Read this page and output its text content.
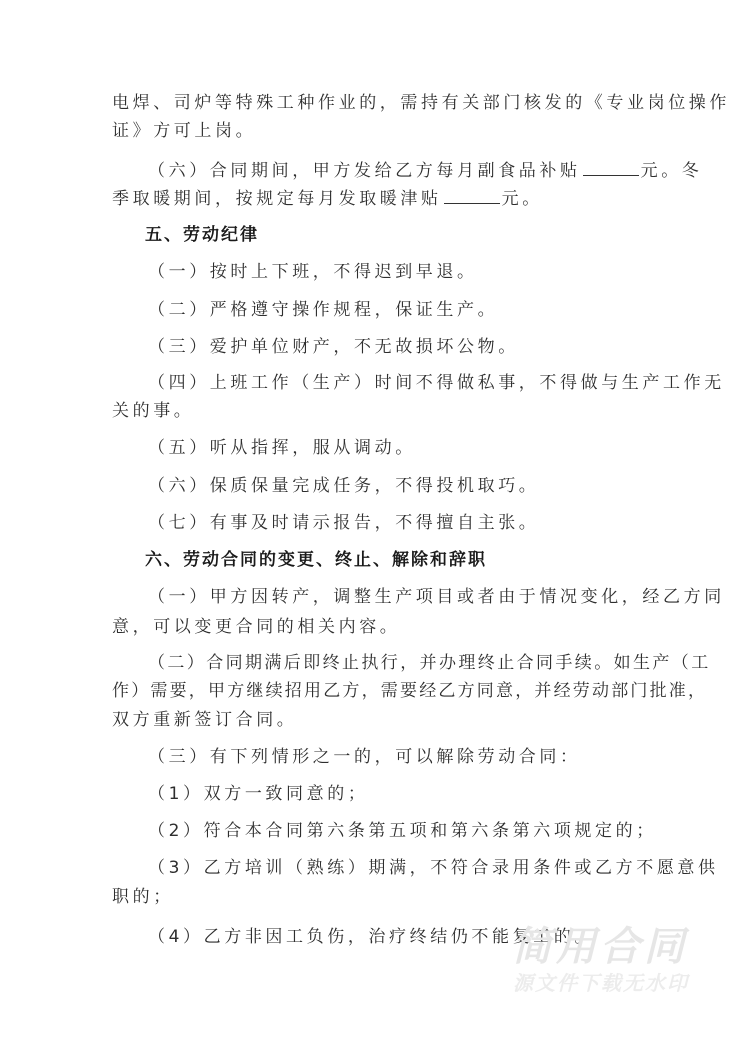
电焊、司炉等特殊工种作业的，需持有关部门核发的《专业岗位操作
证》方可上岗。
（六）合同期间，甲方发给乙方每月副食品补贴	元。冬
季取暖期间，按规定每月发取暖津贴	元。
五、劳动纪律
（一）按时上下班，不得迟到早退。
（二）严格遵守操作规程，保证生产。
（三）爱护单位财产，不无故损坏公物。
（四）上班工作（生产）时间不得做私事，不得做与生产工作无
关的事。
（五）听从指挥，服从调动。
（六）保质保量完成任务，不得投机取巧。
（七）有事及时请示报告，不得擅自主张。
六、劳动合同的变更、终止、解除和辞职
（一）甲方因转产，调整生产项目或者由于情况变化，经乙方同
意，可以变更合同的相关内容。
（二）合同期满后即终止执行，并办理终止合同手续。如生产（工
作）需要，甲方继续招用乙方，需要经乙方同意，并经劳动部门批准，
双方重新签订合同。
（三）有下列情形之一的，可以解除劳动合同：
（1）双方一致同意的；
（2）符合本合同第六条第五项和第六条第六项规定的；
（3）乙方培训（熟练）期满，不符合录用条件或乙方不愿意供
职的；
（4）乙方非因工负伤，治疗终结仍不能复工的。
简用合同
源文件下载无水印
